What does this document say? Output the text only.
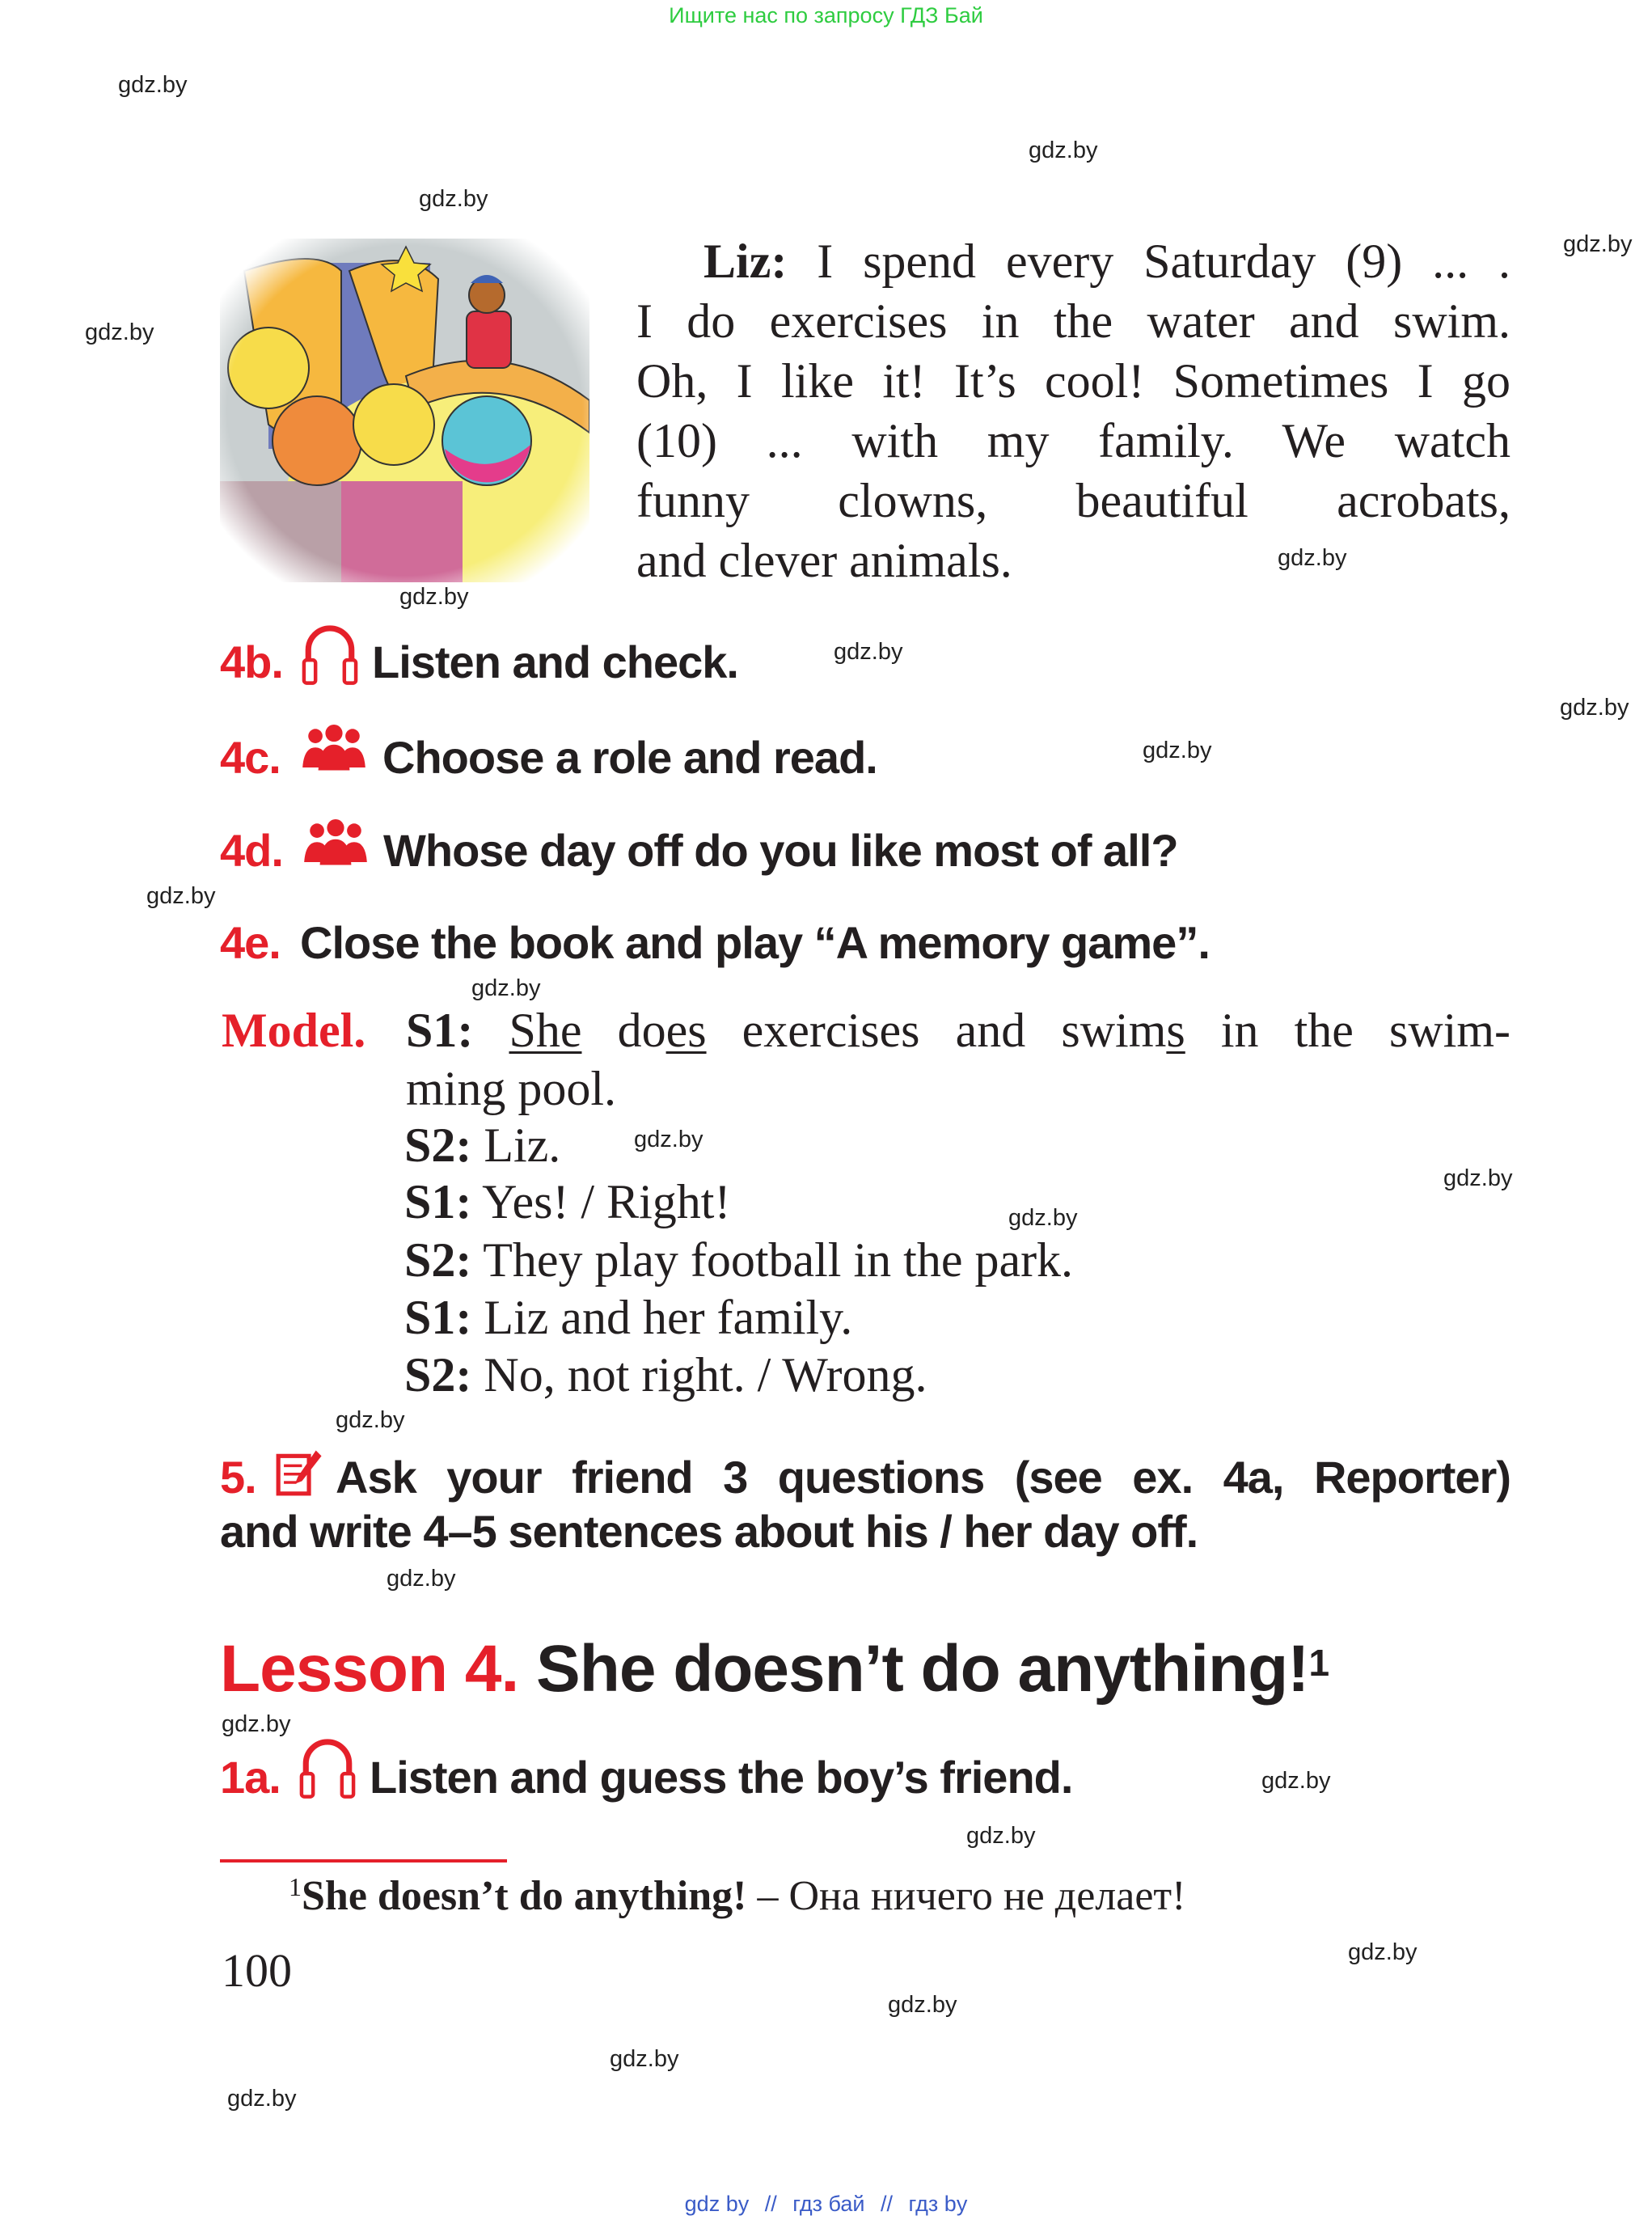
Ищите нас по запросу ГДЗ Бай
gdz.by
gdz.by
gdz.by
gdz.by
gdz.by
gdz.by
gdz.by
gdz.by
gdz.by
gdz.by
gdz.by
gdz.by
gdz.by
gdz.by
gdz.by
gdz.by
gdz.by
gdz.by
gdz.by
gdz.by
gdz.by
gdz.by
gdz.by
gdz.by
Liz: I spend every Saturday (9) ... .
I do exercises in the water and swim.
Oh, I like it! It’s cool! Sometimes I go
(10) ... with my family. We watch
funny clowns, beautiful acrobats,
and clever animals.
4b. Listen and check.
4c. Choose a role and read.
4d. Whose day off do you like most of all?
4e. Close the book and play “A memory game”.
Model. S1: She does exercises and swims in the swim-
ming pool.
S2: Liz.
S1: Yes! / Right!
S2: They play football in the park.
S1: Liz and her family.
S2: No, not right. / Wrong.
5. Ask your friend 3 questions (see ex. 4a, Reporter)
and write 4–5 sentences about his / her day off.
Lesson 4. She doesn’t do anything!$^1$
1a. Listen and guess the boy’s friend.
$^1$She doesn’t do anything! – Она ничего не делает!
100
gdz by // гдз бай // гдз by
